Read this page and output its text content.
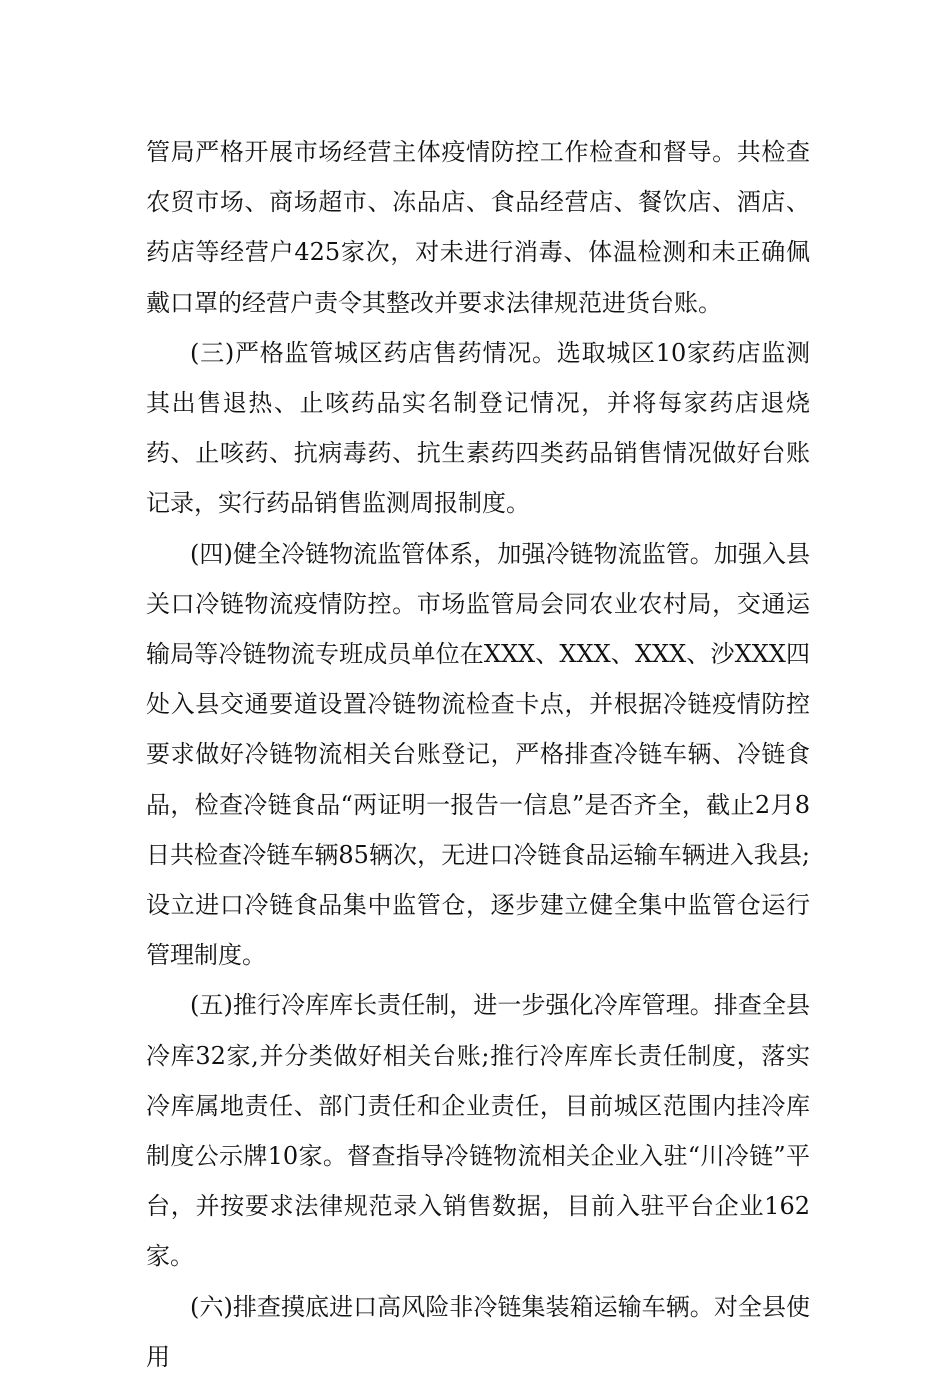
管局严格开展市场经营主体疫情防控工作检查和督导。共检查农贸市场、商场超市、冻品店、食品经营店、餐饮店、酒店、药店等经营户425家次，对未进行消毒、体温检测和未正确佩戴口罩的经营户责令其整改并要求法律规范进货台账。

(三)严格监管城区药店售药情况。选取城区10家药店监测其出售退热、止咳药品实名制登记情况，并将每家药店退烧药、止咳药、抗病毒药、抗生素药四类药品销售情况做好台账记录，实行药品销售监测周报制度。

(四)健全冷链物流监管体系，加强冷链物流监管。加强入县关口冷链物流疫情防控。市场监管局会同农业农村局，交通运输局等冷链物流专班成员单位在XXX、XXX、XXX、沙XXX四处入县交通要道设置冷链物流检查卡点，并根据冷链疫情防控要求做好冷链物流相关台账登记，严格排查冷链车辆、冷链食品，检查冷链食品“两证明一报告一信息”是否齐全，截止2月8日共检查冷链车辆85辆次，无进口冷链食品运输车辆进入我县;设立进口冷链食品集中监管仓，逐步建立健全集中监管仓运行管理制度。

(五)推行冷库库长责任制，进一步强化冷库管理。排查全县冷库32家,并分类做好相关台账;推行冷库库长责任制度，落实冷库属地责任、部门责任和企业责任，目前城区范围内挂冷库制度公示牌10家。督查指导冷链物流相关企业入驻“川冷链”平台，并按要求法律规范录入销售数据，目前入驻平台企业162家。

(六)排查摸底进口高风险非冷链集装箱运输车辆。对全县使用
